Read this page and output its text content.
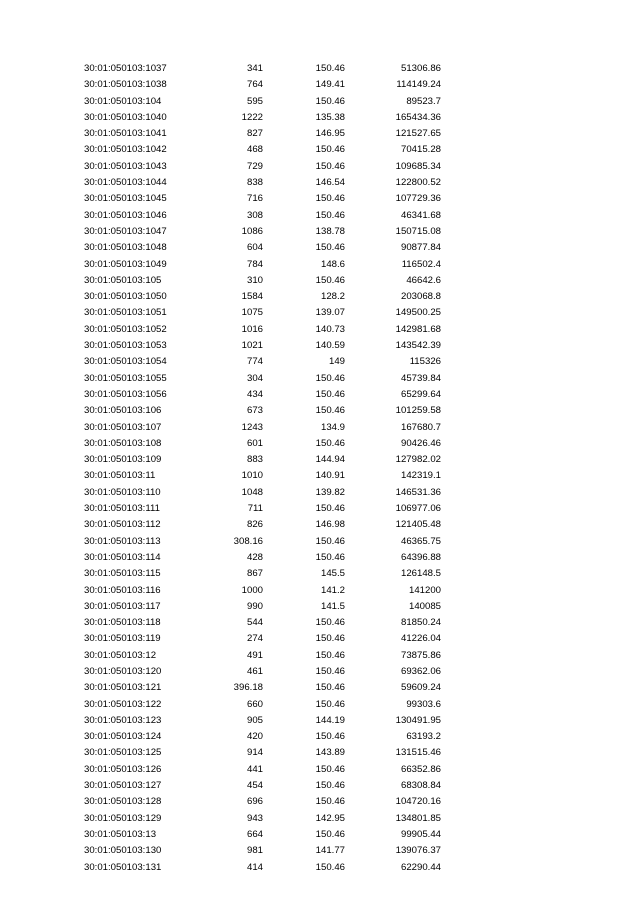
30:01:050103:1037	341	150.46	51306.86
30:01:050103:1038	764	149.41	114149.24
30:01:050103:104	595	150.46	89523.7
30:01:050103:1040	1222	135.38	165434.36
30:01:050103:1041	827	146.95	121527.65
30:01:050103:1042	468	150.46	70415.28
30:01:050103:1043	729	150.46	109685.34
30:01:050103:1044	838	146.54	122800.52
30:01:050103:1045	716	150.46	107729.36
30:01:050103:1046	308	150.46	46341.68
30:01:050103:1047	1086	138.78	150715.08
30:01:050103:1048	604	150.46	90877.84
30:01:050103:1049	784	148.6	116502.4
30:01:050103:105	310	150.46	46642.6
30:01:050103:1050	1584	128.2	203068.8
30:01:050103:1051	1075	139.07	149500.25
30:01:050103:1052	1016	140.73	142981.68
30:01:050103:1053	1021	140.59	143542.39
30:01:050103:1054	774	149	115326
30:01:050103:1055	304	150.46	45739.84
30:01:050103:1056	434	150.46	65299.64
30:01:050103:106	673	150.46	101259.58
30:01:050103:107	1243	134.9	167680.7
30:01:050103:108	601	150.46	90426.46
30:01:050103:109	883	144.94	127982.02
30:01:050103:11	1010	140.91	142319.1
30:01:050103:110	1048	139.82	146531.36
30:01:050103:111	711	150.46	106977.06
30:01:050103:112	826	146.98	121405.48
30:01:050103:113	308.16	150.46	46365.75
30:01:050103:114	428	150.46	64396.88
30:01:050103:115	867	145.5	126148.5
30:01:050103:116	1000	141.2	141200
30:01:050103:117	990	141.5	140085
30:01:050103:118	544	150.46	81850.24
30:01:050103:119	274	150.46	41226.04
30:01:050103:12	491	150.46	73875.86
30:01:050103:120	461	150.46	69362.06
30:01:050103:121	396.18	150.46	59609.24
30:01:050103:122	660	150.46	99303.6
30:01:050103:123	905	144.19	130491.95
30:01:050103:124	420	150.46	63193.2
30:01:050103:125	914	143.89	131515.46
30:01:050103:126	441	150.46	66352.86
30:01:050103:127	454	150.46	68308.84
30:01:050103:128	696	150.46	104720.16
30:01:050103:129	943	142.95	134801.85
30:01:050103:13	664	150.46	99905.44
30:01:050103:130	981	141.77	139076.37
30:01:050103:131	414	150.46	62290.44
